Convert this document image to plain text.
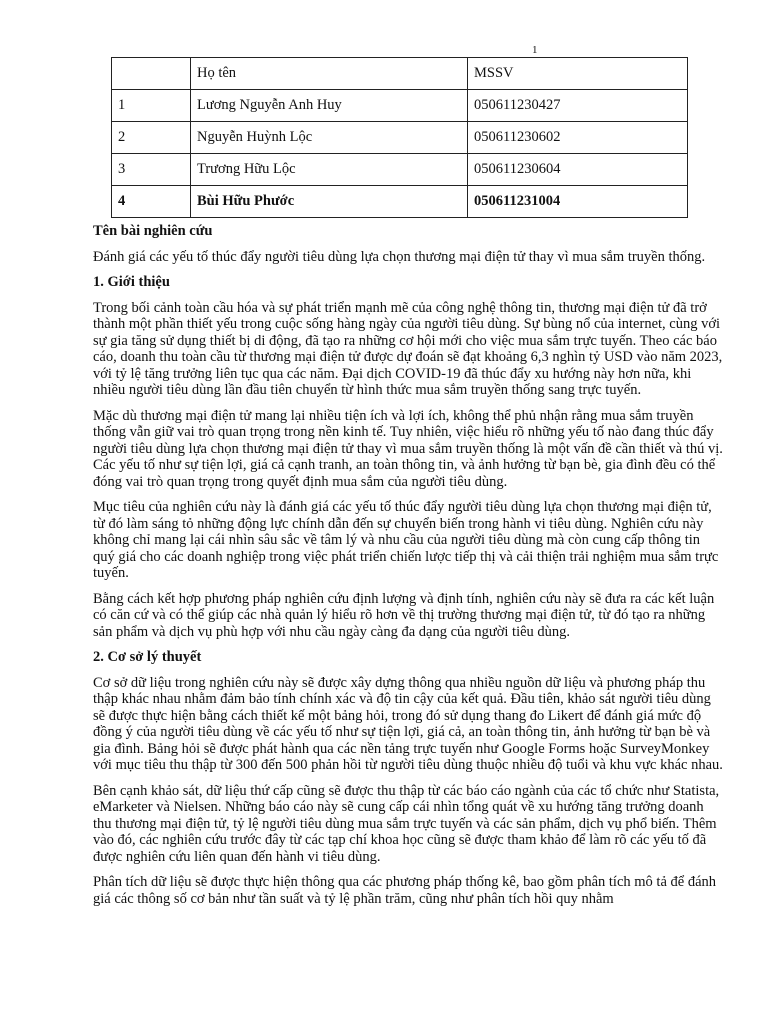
1
	Họ tên	MSSV
1	Lương Nguyễn Anh Huy	050611230427
2	Nguyễn Huỳnh Lộc	050611230602
3	Trương Hữu Lộc	050611230604
4	Bùi Hữu Phước	050611231004
Tên bài nghiên cứu

Đánh giá các yếu tố thúc đẩy người tiêu dùng lựa chọn thương mại điện tử thay vì mua sắm truyền thống.

1. Giới thiệu

Trong bối cảnh toàn cầu hóa và sự phát triển mạnh mẽ của công nghệ thông tin, thương mại điện tử đã trở thành một phần thiết yếu trong cuộc sống hàng ngày của người tiêu dùng. Sự bùng nổ của internet, cùng với sự gia tăng sử dụng thiết bị di động, đã tạo ra những cơ hội mới cho việc mua sắm trực tuyến. Theo các báo cáo, doanh thu toàn cầu từ thương mại điện tử được dự đoán sẽ đạt khoảng 6,3 nghìn tỷ USD vào năm 2023, với tỷ lệ tăng trưởng liên tục qua các năm. Đại dịch COVID-19 đã thúc đẩy xu hướng này hơn nữa, khi nhiều người tiêu dùng lần đầu tiên chuyển từ hình thức mua sắm truyền thống sang trực tuyến.

Mặc dù thương mại điện tử mang lại nhiều tiện ích và lợi ích, không thể phủ nhận rằng mua sắm truyền thống vẫn giữ vai trò quan trọng trong nền kinh tế. Tuy nhiên, việc hiểu rõ những yếu tố nào đang thúc đẩy người tiêu dùng lựa chọn thương mại điện tử thay vì mua sắm truyền thống là một vấn đề cần thiết và thú vị. Các yếu tố như sự tiện lợi, giá cả cạnh tranh, an toàn thông tin, và ảnh hưởng từ bạn bè, gia đình đều có thể đóng vai trò quan trọng trong quyết định mua sắm của người tiêu dùng.

Mục tiêu của nghiên cứu này là đánh giá các yếu tố thúc đẩy người tiêu dùng lựa chọn thương mại điện tử, từ đó làm sáng tỏ những động lực chính dẫn đến sự chuyển biến trong hành vi tiêu dùng. Nghiên cứu này không chỉ mang lại cái nhìn sâu sắc về tâm lý và nhu cầu của người tiêu dùng mà còn cung cấp thông tin quý giá cho các doanh nghiệp trong việc phát triển chiến lược tiếp thị và cải thiện trải nghiệm mua sắm trực tuyến.

Bằng cách kết hợp phương pháp nghiên cứu định lượng và định tính, nghiên cứu này sẽ đưa ra các kết luận có căn cứ và có thể giúp các nhà quản lý hiểu rõ hơn về thị trường thương mại điện tử, từ đó tạo ra những sản phẩm và dịch vụ phù hợp với nhu cầu ngày càng đa dạng của người tiêu dùng.

2. Cơ sở lý thuyết

Cơ sở dữ liệu trong nghiên cứu này sẽ được xây dựng thông qua nhiều nguồn dữ liệu và phương pháp thu thập khác nhau nhằm đảm bảo tính chính xác và độ tin cậy của kết quả. Đầu tiên, khảo sát người tiêu dùng sẽ được thực hiện bằng cách thiết kế một bảng hỏi, trong đó sử dụng thang đo Likert để đánh giá mức độ đồng ý của người tiêu dùng về các yếu tố như sự tiện lợi, giá cả, an toàn thông tin, ảnh hưởng từ bạn bè và gia đình. Bảng hỏi sẽ được phát hành qua các nền tảng trực tuyến như Google Forms hoặc SurveyMonkey với mục tiêu thu thập từ 300 đến 500 phản hồi từ người tiêu dùng thuộc nhiều độ tuổi và khu vực khác nhau.

Bên cạnh khảo sát, dữ liệu thứ cấp cũng sẽ được thu thập từ các báo cáo ngành của các tổ chức như Statista, eMarketer và Nielsen. Những báo cáo này sẽ cung cấp cái nhìn tổng quát về xu hướng tăng trưởng doanh thu thương mại điện tử, tỷ lệ người tiêu dùng mua sắm trực tuyến và các sản phẩm, dịch vụ phổ biến. Thêm vào đó, các nghiên cứu trước đây từ các tạp chí khoa học cũng sẽ được tham khảo để làm rõ các yếu tố đã được nghiên cứu liên quan đến hành vi tiêu dùng.

Phân tích dữ liệu sẽ được thực hiện thông qua các phương pháp thống kê, bao gồm phân tích mô tả để đánh giá các thông số cơ bản như tần suất và tỷ lệ phần trăm, cũng như phân tích hồi quy nhằm
